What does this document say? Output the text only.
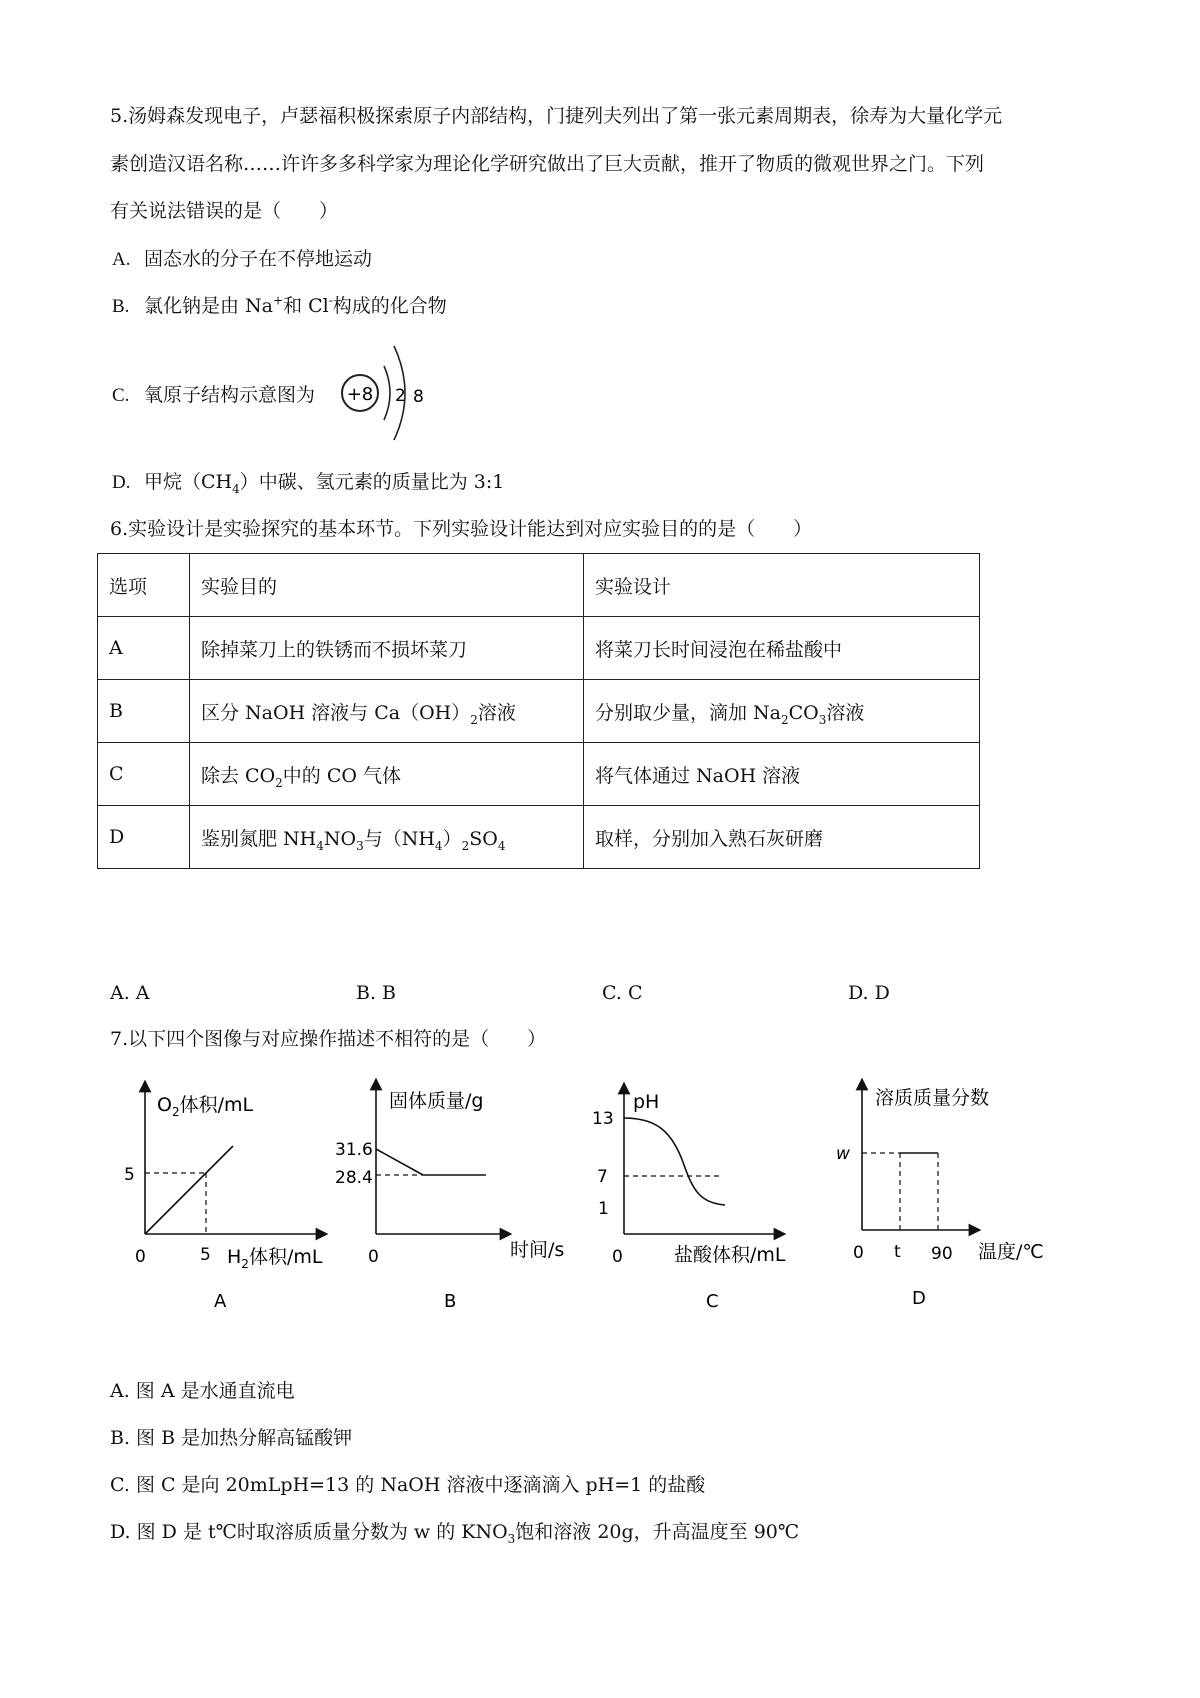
5.汤姆森发现电子，卢瑟福积极探索原子内部结构，门捷列夫列出了第一张元素周期表，徐寿为大量化学元
素创造汉语名称……许许多多科学家为理论化学研究做出了巨大贡献，推开了物质的微观世界之门。下列
有关说法错误的是（　　）
A. 固态水的分子在不停地运动
B. 氯化钠是由 Na+和 Cl-构成的化合物
C. 氧原子结构示意图为 +8 2 8
D. 甲烷$(CH_4)$中碳、氢元素的质量比为 3:1
6.实验设计是实验探究的基本环节。下列实验设计能达到对应实验目的的是（　　）
选项	实验目的	实验设计
A	除掉菜刀上的铁锈而不损坏菜刀	将菜刀长时间浸泡在稀盐酸中
B	区分 NaOH 溶液与 $Ca(OH)_2$溶液	分别取少量，滴加 $Na_2CO_3$溶液
C	除去 $CO_2$中的 CO 气体	将气体通过 NaOH 溶液
D	鉴别氮肥 $NH_4NO_3$与$(NH_4)_2SO_4$	取样，分别加入熟石灰研磨
A. A	B. B	C. C	D. D
7.以下四个图像与对应操作描述不相符的是（　　）
$O_2$体积/mL
$H_2$体积/mL
0	5
5
A
固体质量/g
时间/s
0
31.6
28.4
B
pH
盐酸体积/mL
0
13
7
1
C
溶质质量分数
温度/℃
0 t 90
w
D
A. 图 A 是水通直流电
B. 图 B 是加热分解高锰酸钾
C. 图 C 是向 20mLpH=13 的 NaOH 溶液中逐滴滴入 pH=1 的盐酸
D. 图 D 是 t℃时取溶质质量分数为 w 的 $KNO_3$饱和溶液 20g，升高温度至 90℃
